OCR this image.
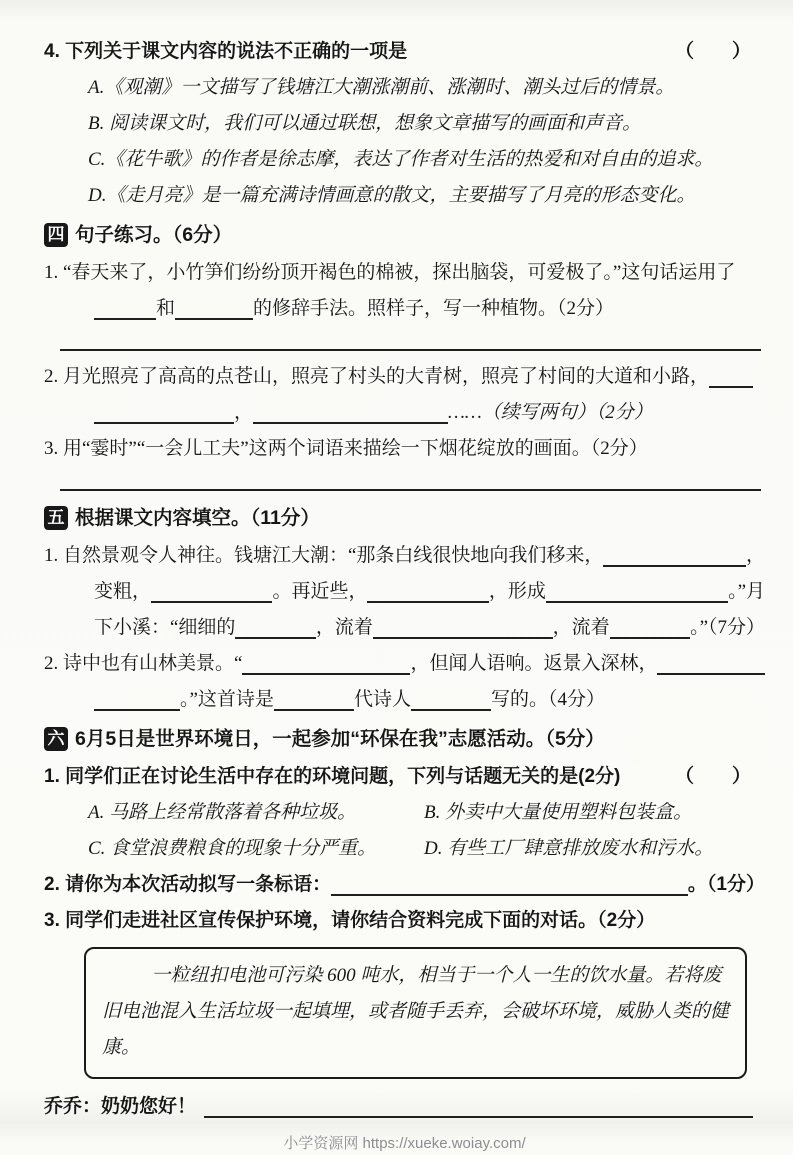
4. 下列关于课文内容的说法不正确的一项是	（　　）
A.《观潮》一文描写了钱塘江大潮涨潮前、涨潮时、潮头过后的情景。
B. 阅读课文时，我们可以通过联想，想象文章描写的画面和声音。
C.《花牛歌》的作者是徐志摩，表达了作者对生活的热爱和对自由的追求。
D.《走月亮》是一篇充满诗情画意的散文，主要描写了月亮的形态变化。
四 句子练习。（6分）
1. “春天来了，小竹笋们纷纷顶开褐色的棉被，探出脑袋，可爱极了。”这句话运用了
和	的修辞手法。照样子，写一种植物。（2分）
2. 月光照亮了高高的点苍山，照亮了村头的大青树，照亮了村间的大道和小路，
，	……（续写两句）（2分）
3. 用“霎时”“一会儿工夫”这两个词语来描绘一下烟花绽放的画面。（2分）
五 根据课文内容填空。（11分）
1. 自然景观令人神往。钱塘江大潮：“那条白线很快地向我们移来，	，
变粗，	。再近些，	，形成	。”月
下小溪：“细细的	，流着	，流着	。”（7分）
2. 诗中也有山林美景。“	，但闻人语响。返景入深林，
。”这首诗是	代诗人	写的。（4分）
六 6月5日是世界环境日，一起参加“环保在我”志愿活动。（5分）
1. 同学们正在讨论生活中存在的环境问题，下列与话题无关的是(2分)	（　　）
A. 马路上经常散落着各种垃圾。	B. 外卖中大量使用塑料包装盒。
C. 食堂浪费粮食的现象十分严重。	D. 有些工厂肆意排放废水和污水。
2. 请你为本次活动拟写一条标语：	。（1分）
3. 同学们走进社区宣传保护环境，请你结合资料完成下面的对话。（2分）

一粒纽扣电池可污染 600 吨水，相当于一个人一生的饮水量。若将废旧电池混入生活垃圾一起填埋，或者随手丢弃，会破坏环境，威胁人类的健康。

乔乔：奶奶您好！
小学资源网 https://xueke.woiay.com/
